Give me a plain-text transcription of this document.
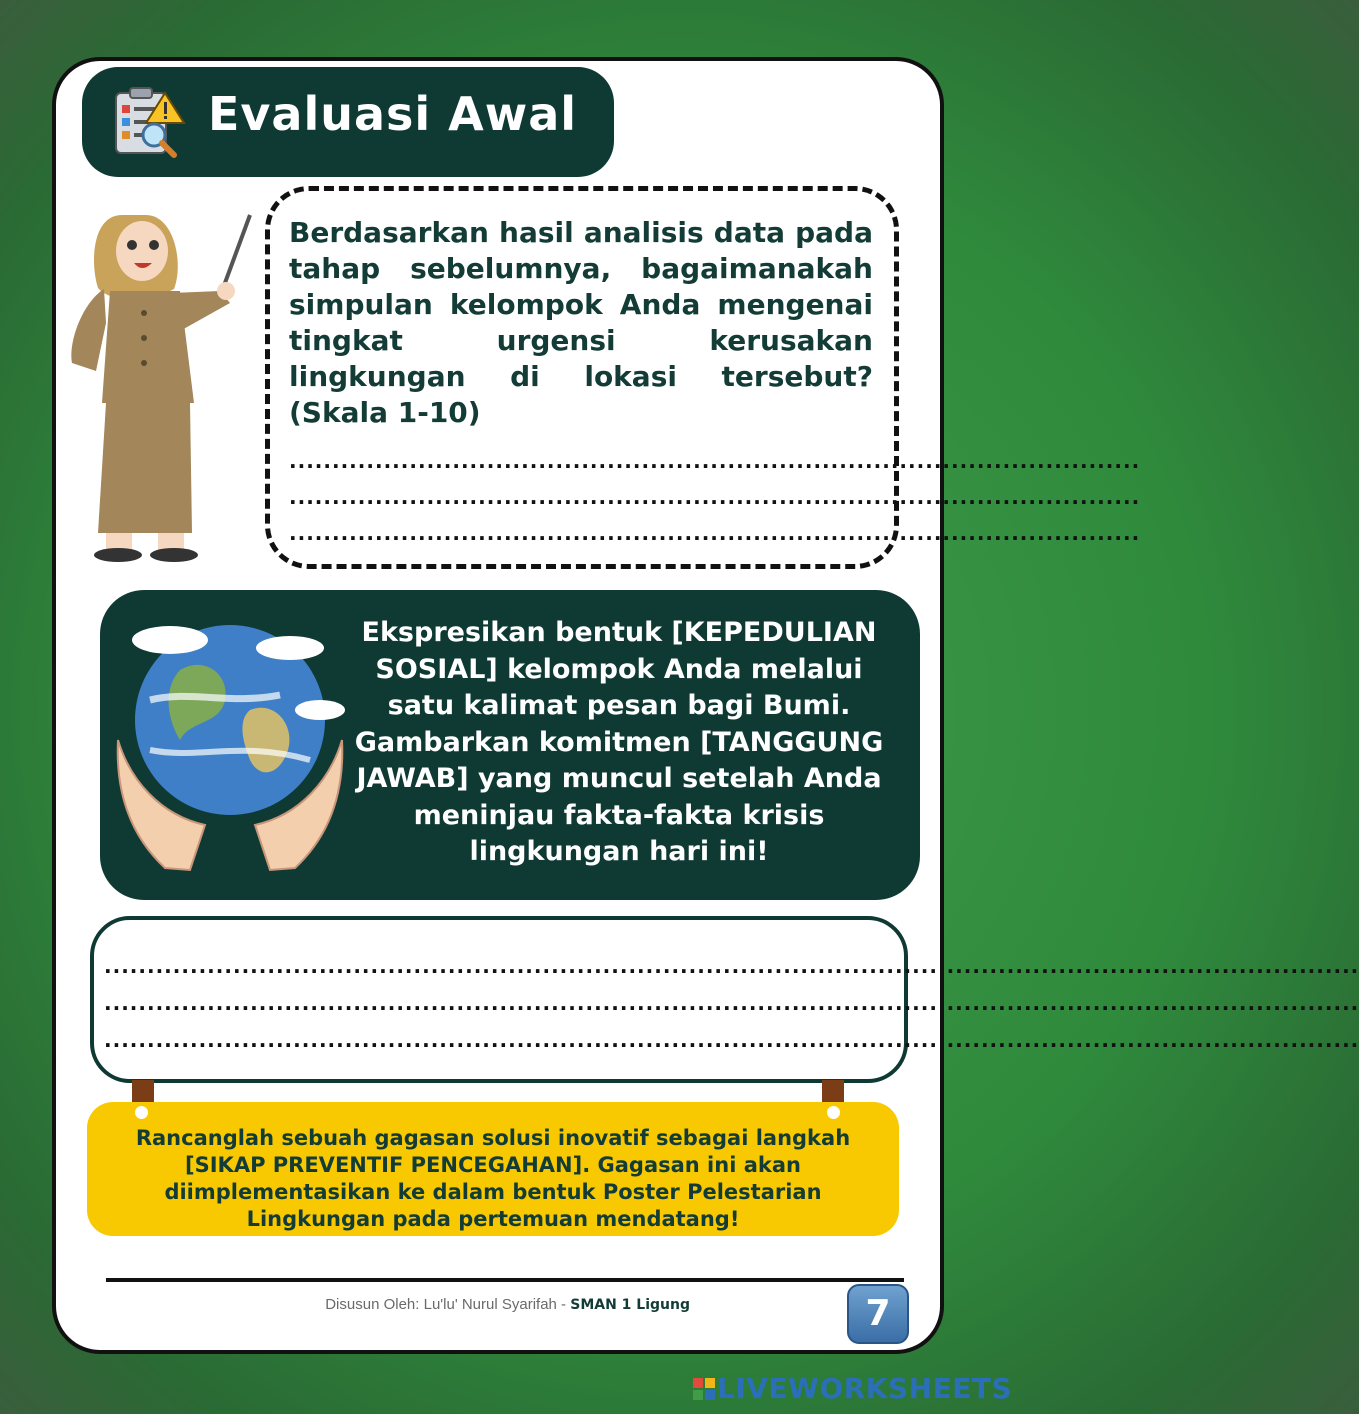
Evaluasi Awal
Berdasarkan hasil analisis data pada tahap sebelumnya, bagaimanakah simpulan kelompok Anda mengenai tingkat urgensi kerusakan lingkungan di lokasi tersebut? (Skala 1-10)
...................................................................................................
...................................................................................................
...................................................................................................
Ekspresikan bentuk [KEPEDULIAN SOSIAL] kelompok Anda melalui satu kalimat pesan bagi Bumi. Gambarkan komitmen [TANGGUNG JAWAB] yang muncul setelah Anda meninjau fakta-fakta krisis lingkungan hari ini!
..................................................................................................................................................
..................................................................................................................................................
..................................................................................................................................................
Rancanglah sebuah gagasan solusi inovatif sebagai langkah [SIKAP PREVENTIF PENCEGAHAN]. Gagasan ini akan diimplementasikan ke dalam bentuk Poster Pelestarian Lingkungan pada pertemuan mendatang!
Disusun Oleh: Lu'lu' Nurul Syarifah - SMAN 1 Ligung	7
LIVEWORKSHEETS
